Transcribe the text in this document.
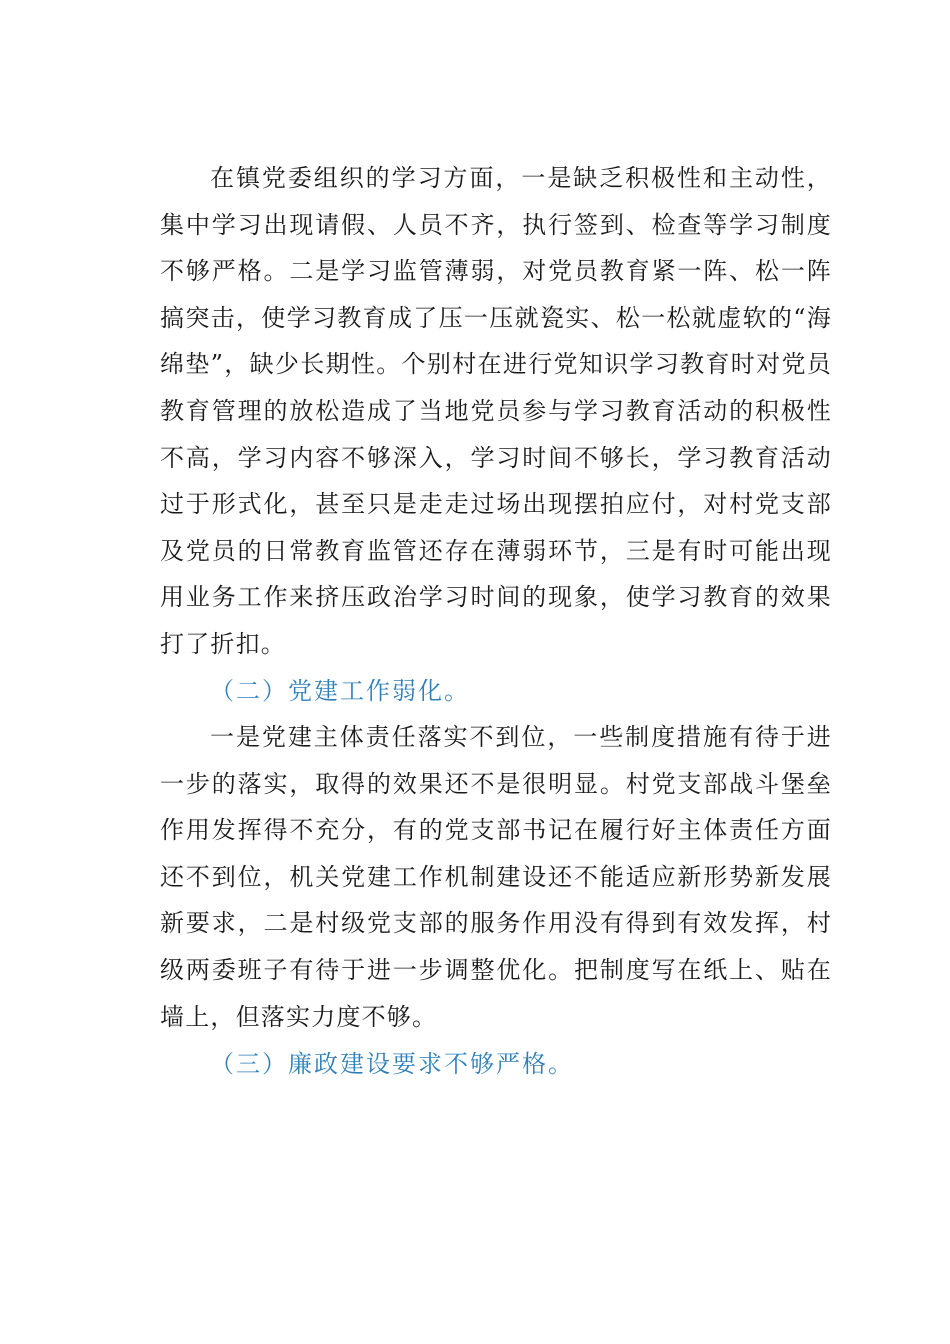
在镇党委组织的学习方面，一是缺乏积极性和主动性，集中学习出现请假、人员不齐，执行签到、检查等学习制度不够严格。二是学习监管薄弱，对党员教育紧一阵、松一阵搞突击，使学习教育成了压一压就瓷实、松一松就虚软的“海绵垫”，缺少长期性。个别村在进行党知识学习教育时对党员教育管理的放松造成了当地党员参与学习教育活动的积极性不高，学习内容不够深入，学习时间不够长，学习教育活动过于形式化，甚至只是走走过场出现摆拍应付，对村党支部及党员的日常教育监管还存在薄弱环节，三是有时可能出现用业务工作来挤压政治学习时间的现象，使学习教育的效果打了折扣。

（二）党建工作弱化。

一是党建主体责任落实不到位，一些制度措施有待于进一步的落实，取得的效果还不是很明显。村党支部战斗堡垒作用发挥得不充分，有的党支部书记在履行好主体责任方面还不到位，机关党建工作机制建设还不能适应新形势新发展新要求，二是村级党支部的服务作用没有得到有效发挥，村级两委班子有待于进一步调整优化。把制度写在纸上、贴在墙上，但落实力度不够。

（三）廉政建设要求不够严格。
